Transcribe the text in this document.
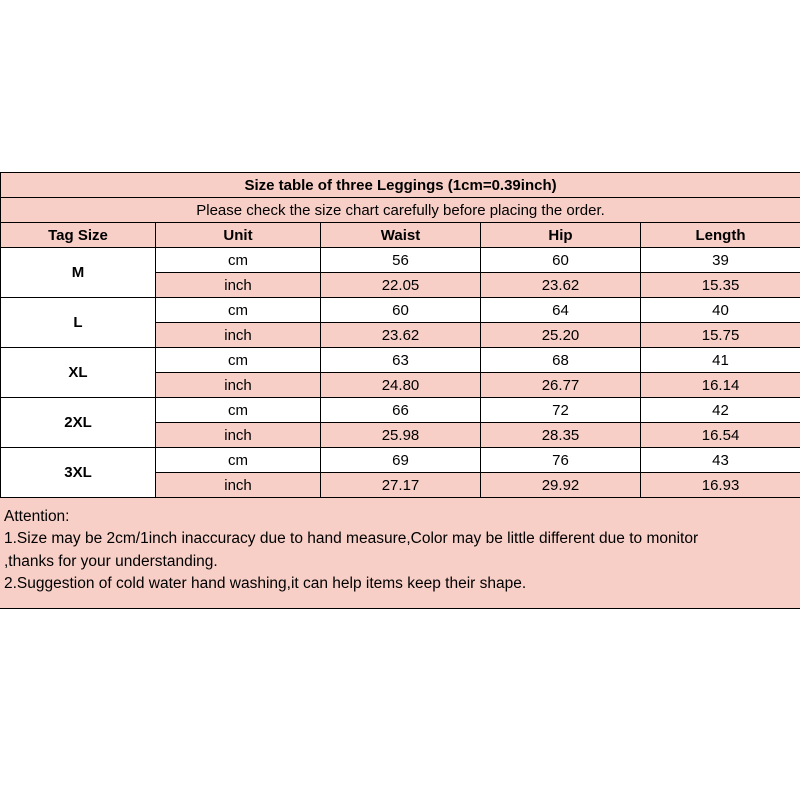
Size table of three Leggings (1cm=0.39inch)				
Please check the size chart carefully before placing the order.				
Tag Size	Unit	Waist	Hip	Length
M	cm	56	60	39
	inch	22.05	23.62	15.35
L	cm	60	64	40
	inch	23.62	25.20	15.75
XL	cm	63	68	41
	inch	24.80	26.77	16.14
2XL	cm	66	72	42
	inch	25.98	28.35	16.54
3XL	cm	69	76	43
	inch	27.17	29.92	16.93
Attention:
1.Size may be 2cm/1inch inaccuracy due to hand measure,Color may be little different due to monitor
,thanks for your understanding.
2.Suggestion of cold water hand washing,it can help items keep their shape.
